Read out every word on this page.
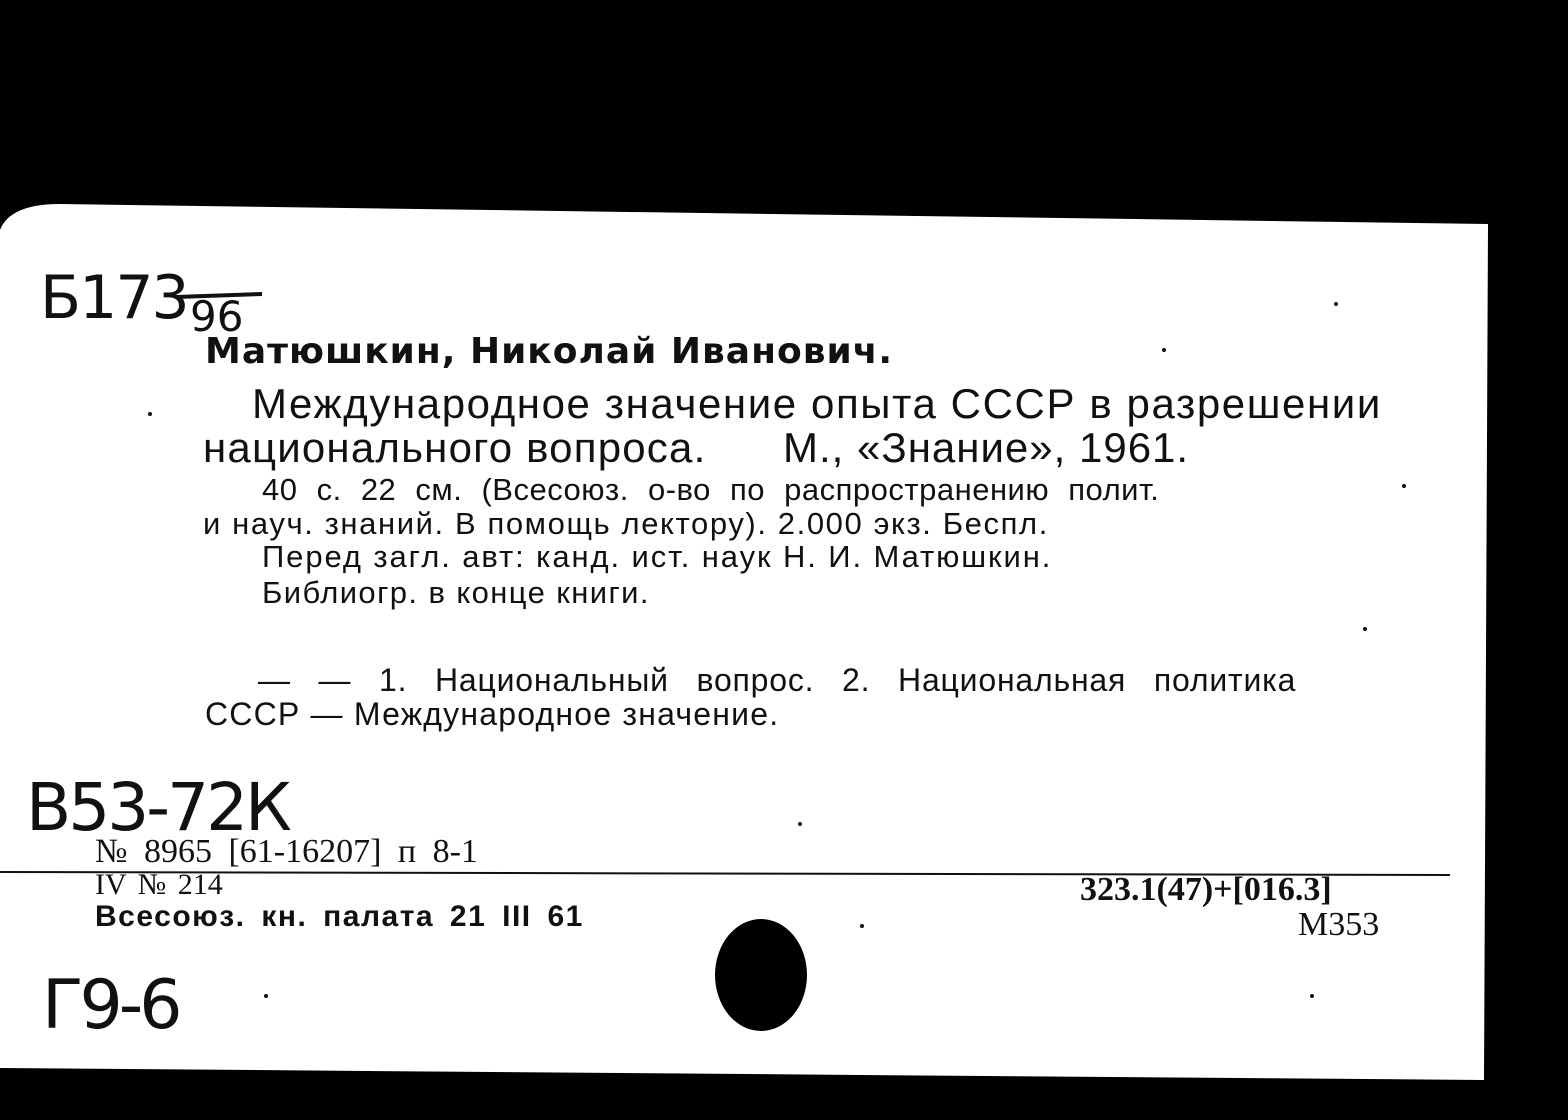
Б173 96
Матюшкин, Николай Иванович.
Международное значение опыта СССР в разрешении
национального вопроса. М., «Знание», 1961.
40 с. 22 см. (Всесоюз. о-во по распространению полит.
и науч. знаний. В помощь лектору). 2.000 экз. Беспл.
Перед загл. авт: канд. ист. наук Н. И. Матюшкин.
Библиогр. в конце книги.
— — 1. Национальный вопрос. 2. Национальная политика
СССР — Международное значение.
В53-72К
№ 8965 [61-16207] п 8-1
IV № 214
Всесоюз. кн. палата 21 III 61
323.1(47)+[016.3]
М353
Г9-6
